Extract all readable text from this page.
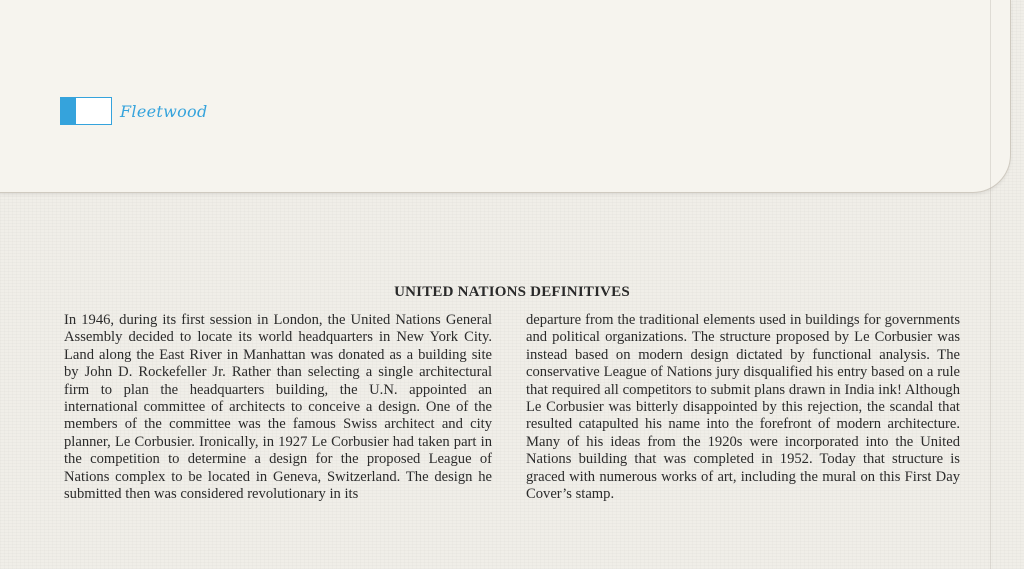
Fleetwood
UNITED NATIONS DEFINITIVES

In 1946, during its first session in London, the United Nations General Assembly decided to locate its world headquarters in New York City. Land along the East River in Manhattan was donated as a building site by John D. Rockefeller Jr. Rather than selecting a single architectural firm to plan the headquarters building, the U.N. appointed an international committee of architects to conceive a design. One of the members of the committee was the famous Swiss architect and city planner, Le Corbusier. Ironically, in 1927 Le Corbusier had taken part in the competition to determine a design for the proposed League of Nations complex to be located in Geneva, Switzerland. The design he submitted then was considered revolutionary in its

departure from the traditional elements used in buildings for governments and political organizations. The structure proposed by Le Corbusier was instead based on modern design dictated by functional analysis. The conservative League of Nations jury disqualified his entry based on a rule that required all competitors to submit plans drawn in India ink! Although Le Corbusier was bitterly disappointed by this rejection, the scandal that resulted catapulted his name into the forefront of modern architecture. Many of his ideas from the 1920s were incorporated into the United Nations building that was completed in 1952. Today that structure is graced with numerous works of art, including the mural on this First Day Cover’s stamp.
